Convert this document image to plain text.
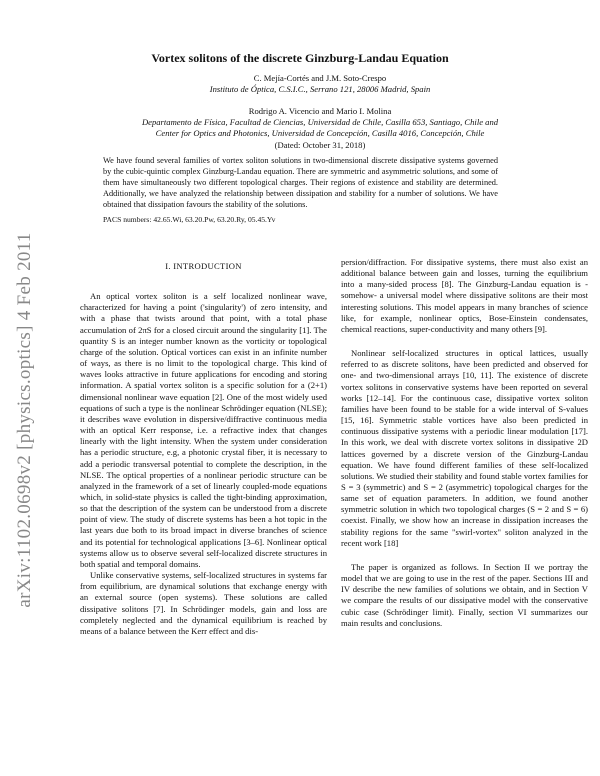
arXiv:1102.0698v2 [physics.optics] 4 Feb 2011
Vortex solitons of the discrete Ginzburg-Landau Equation
C. Mejía-Cortés and J.M. Soto-Crespo
Instituto de Óptica, C.S.I.C., Serrano 121, 28006 Madrid, Spain
Rodrigo A. Vicencio and Mario I. Molina
Departamento de Física, Facultad de Ciencias, Universidad de Chile, Casilla 653, Santiago, Chile and
Center for Optics and Photonics, Universidad de Concepción, Casilla 4016, Concepción, Chile
(Dated: October 31, 2018)
We have found several families of vortex soliton solutions in two-dimensional discrete dissipative systems governed by the cubic-quintic complex Ginzburg-Landau equation. There are symmetric and asymmetric solutions, and some of them have simultaneously two different topological charges. Their regions of existence and stability are determined. Additionally, we have analyzed the relationship between dissipation and stability for a number of solutions. We have obtained that dissipation favours the stability of the solutions.
PACS numbers: 42.65.Wi, 63.20.Pw, 63.20.Ry, 05.45.Yv
I. INTRODUCTION

An optical vortex soliton is a self localized nonlinear wave, characterized for having a point ('singularity') of zero intensity, and with a phase that twists around that point, with a total phase accumulation of 2πS for a closed circuit around the singularity [1]. The quantity S is an integer number known as the vorticity or topological charge of the solution. Optical vortices can exist in an infinite number of ways, as there is no limit to the topological charge. This kind of waves looks attractive in future applications for encoding and storing information. A spatial vortex soliton is a specific solution for a (2+1) dimensional nonlinear wave equation [2]. One of the most widely used equations of such a type is the nonlinear Schrödinger equation (NLSE); it describes wave evolution in dispersive/diffractive continuous media with an optical Kerr response, i.e. a refractive index that changes linearly with the light intensity. When the system under consideration has a periodic structure, e.g, a photonic crystal fiber, it is necessary to add a periodic transversal potential to complete the description, in the NLSE. The optical properties of a nonlinear periodic structure can be analyzed in the framework of a set of linearly coupled-mode equations which, in solid-state physics is called the tight-binding approximation, so that the description of the system can be understood from a discrete point of view. The study of discrete systems has been a hot topic in the last years due both to its broad impact in diverse branches of science and its potential for technological applications [3–6]. Nonlinear optical systems allow us to observe several self-localized discrete structures in both spatial and temporal domains.

Unlike conservative systems, self-localized structures in systems far from equilibrium, are dynamical solutions that exchange energy with an external source (open systems). These solutions are called dissipative solitons [7]. In Schrödinger models, gain and loss are completely neglected and the dynamical equilibrium is reached by means of a balance between the Kerr effect and dis-

persion/diffraction. For dissipative systems, there must also exist an additional balance between gain and losses, turning the equilibrium into a many-sided process [8]. The Ginzburg-Landau equation is -somehow- a universal model where dissipative solitons are their most interesting solutions. This model appears in many branches of science like, for example, nonlinear optics, Bose-Einstein condensates, chemical reactions, super-conductivity and many others [9].

Nonlinear self-localized structures in optical lattices, usually referred to as discrete solitons, have been predicted and observed for one- and two-dimensional arrays [10, 11]. The existence of discrete vortex solitons in conservative systems have been reported on several works [12–14]. For the continuous case, dissipative vortex soliton families have been found to be stable for a wide interval of S-values [15, 16]. Symmetric stable vortices have also been predicted in continuous dissipative systems with a periodic linear modulation [17]. In this work, we deal with discrete vortex solitons in dissipative 2D lattices governed by a discrete version of the Ginzburg-Landau equation. We have found different families of these self-localized solutions. We studied their stability and found stable vortex families for S = 3 (symmetric) and S = 2 (asymmetric) topological charges for the same set of equation parameters. In addition, we found another symmetric solution in which two topological charges (S = 2 and S = 6) coexist. Finally, we show how an increase in dissipation increases the stability regions for the same "swirl-vortex" soliton analyzed in the recent work [18]

The paper is organized as follows. In Section II we portray the model that we are going to use in the rest of the paper. Sections III and IV describe the new families of solutions we obtain, and in Section V we compare the results of our dissipative model with the conservative cubic case (Schrödinger limit). Finally, section VI summarizes our main results and conclusions.
